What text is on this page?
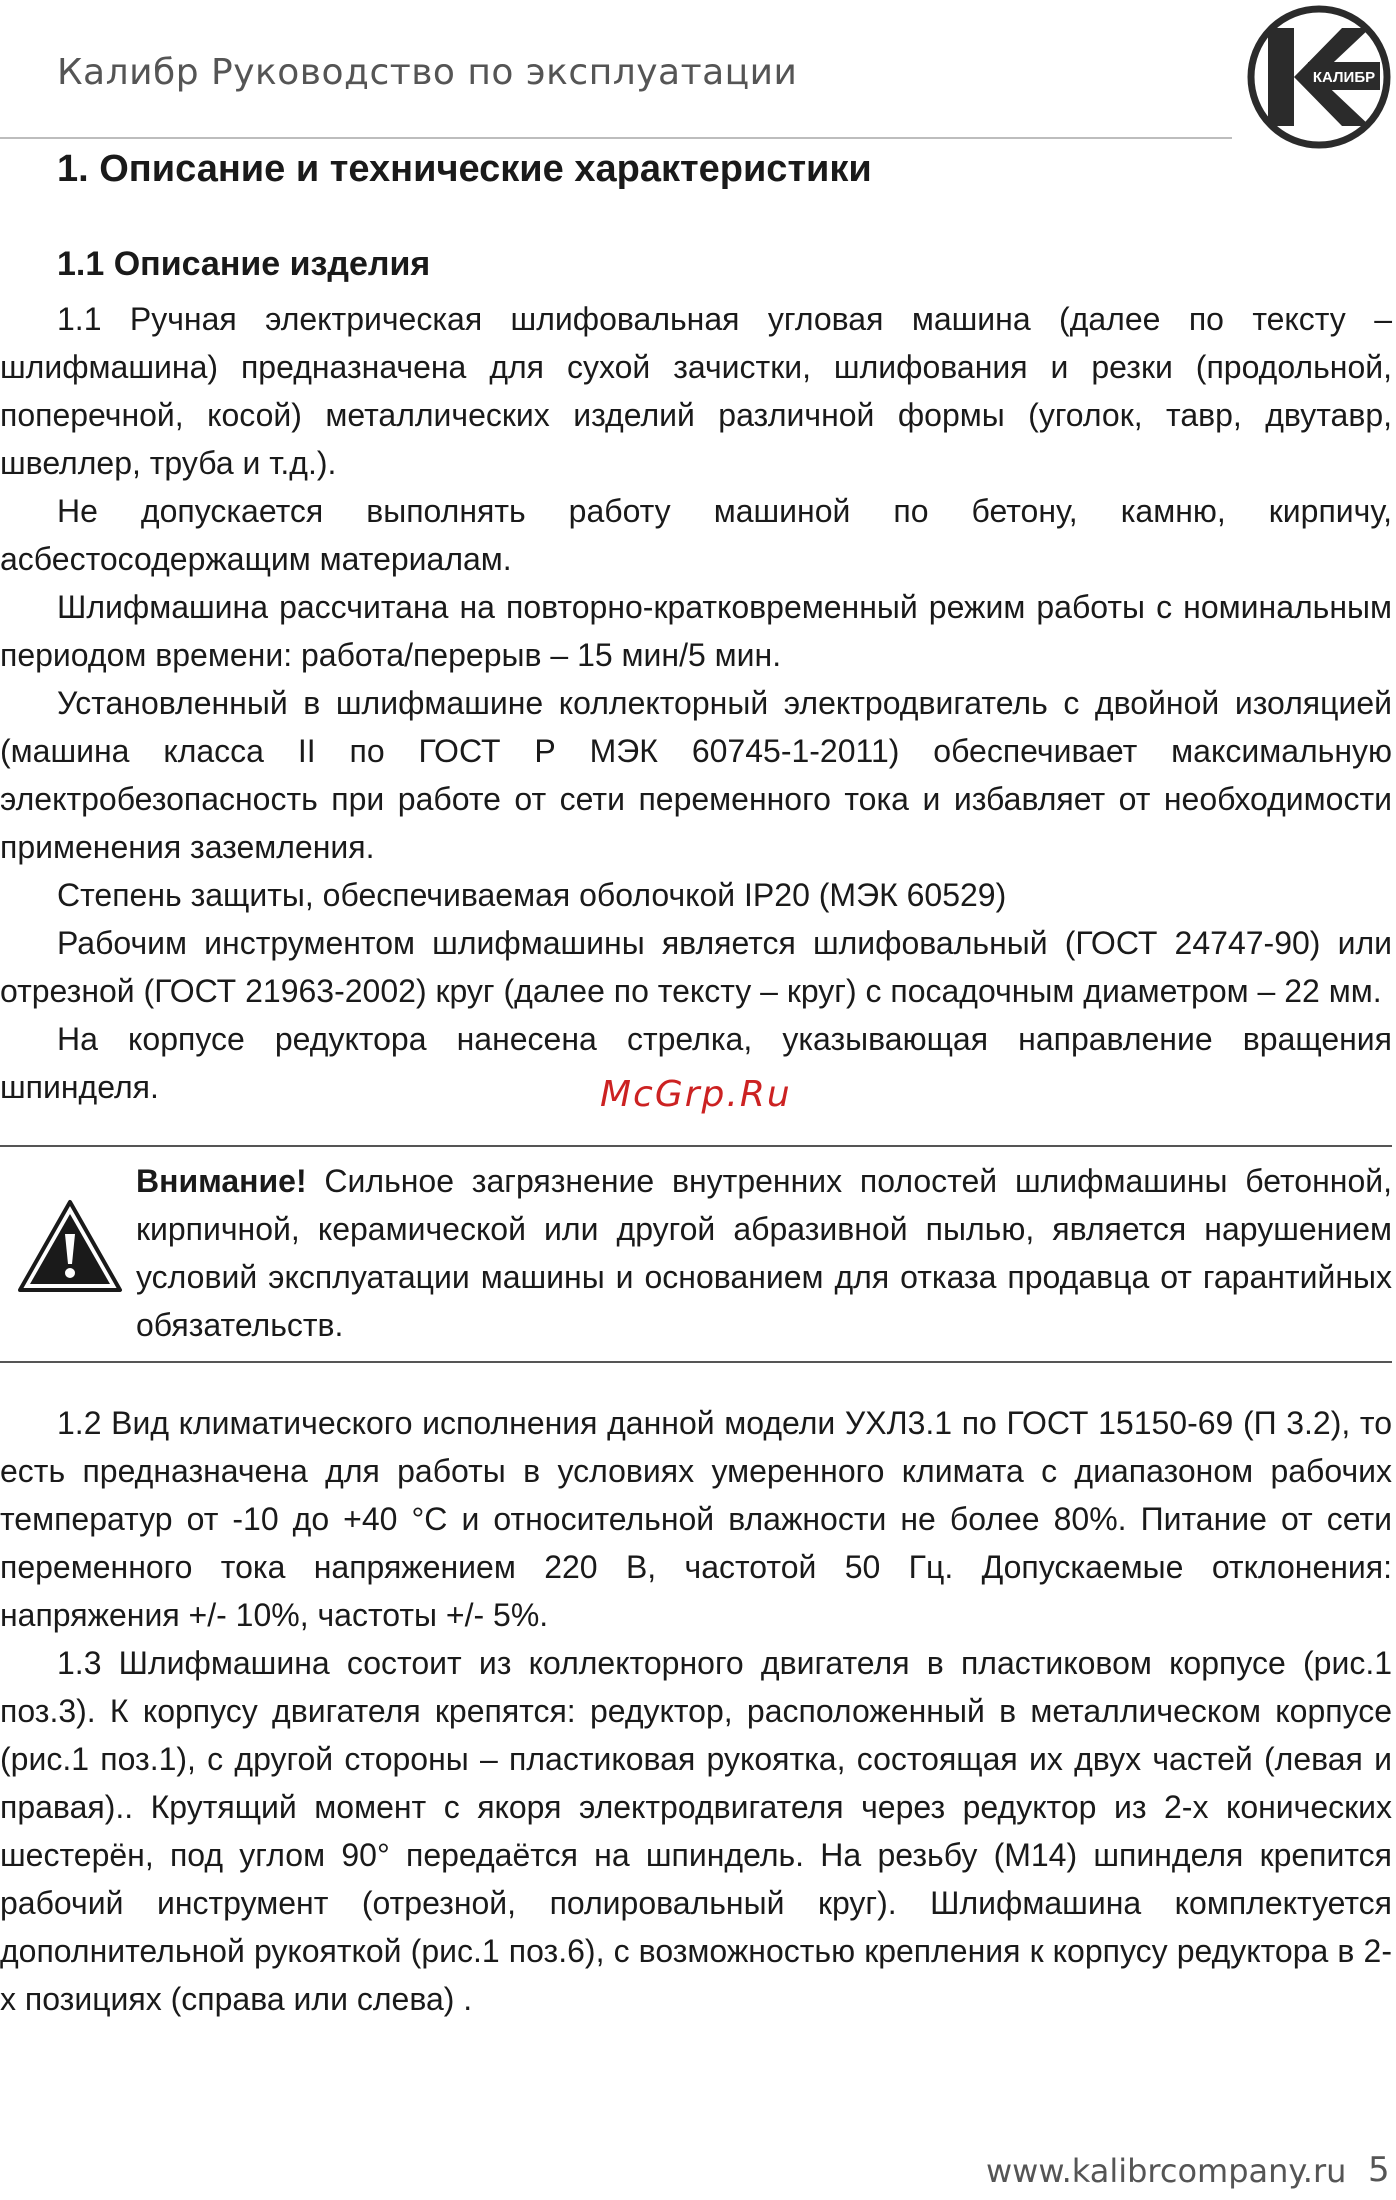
Калибр Руководство по эксплуатации	КАЛИБР
1. Описание и технические характеристики
1.1 Описание изделия

1.1 Ручная электрическая шлифовальная угловая машина (далее по тексту – шлифмашина) предназначена для сухой зачистки, шлифования и резки (продольной, поперечной, косой) металлических изделий различной формы (уголок, тавр, двутавр, швеллер, труба и т.д.).

Не допускается выполнять работу машиной по бетону, камню, кирпичу, асбестосодержащим материалам.

Шлифмашина рассчитана на повторно-кратковременный режим работы с номинальным периодом времени: работа/перерыв – 15 мин/5 мин.

Установленный в шлифмашине коллекторный электродвигатель с двойной изоляцией (машина класса II по ГОСТ Р МЭК 60745-1-2011) обеспечивает максимальную электробезопасность при работе от сети переменного тока и избавляет от необходимости применения заземления.

Степень защиты, обеспечиваемая оболочкой IP20 (МЭК 60529)

Рабочим инструментом шлифмашины является шлифовальный (ГОСТ 24747-90) или отрезной (ГОСТ 21963-2002) круг (далее по тексту – круг) с посадочным диаметром – 22 мм.

На корпусе редуктора нанесена стрелка, указывающая направление вращения шпинделя.	McGrp.Ru
Внимание! Сильное загрязнение внутренних полостей шлифмашины бетонной, кирпичной, керамической или другой абразивной пылью, является нарушением условий эксплуатации машины и основанием для отказа продавца от гарантийных обязательств.

1.2 Вид климатического исполнения данной модели УХЛ3.1 по ГОСТ 15150-69 (П 3.2), то есть предназначена для работы в условиях умеренного климата с диапазоном рабочих температур от -10 до +40 °С и относительной влажности не более 80%. Питание от сети переменного тока напряжением 220 В, частотой 50 Гц. Допускаемые отклонения: напряжения +/- 10%, частоты +/- 5%.

1.3 Шлифмашина состоит из коллекторного двигателя в пластиковом корпусе (рис.1 поз.3). К корпусу двигателя крепятся: редуктор, расположенный в металлическом корпусе (рис.1 поз.1), с другой стороны – пластиковая рукоятка, состоящая их двух частей (левая и правая).. Крутящий момент с якоря электродвигателя через редуктор из 2-х конических шестерён, под углом 90° передаётся на шпиндель. На резьбу (М14) шпинделя крепится рабочий инструмент (отрезной, полировальный круг). Шлифмашина комплектуется дополнительной рукояткой (рис.1 поз.6), с возможностью крепления к корпусу редуктора в 2-х позициях (справа или слева) .

www.kalibrcompany.ru 5
